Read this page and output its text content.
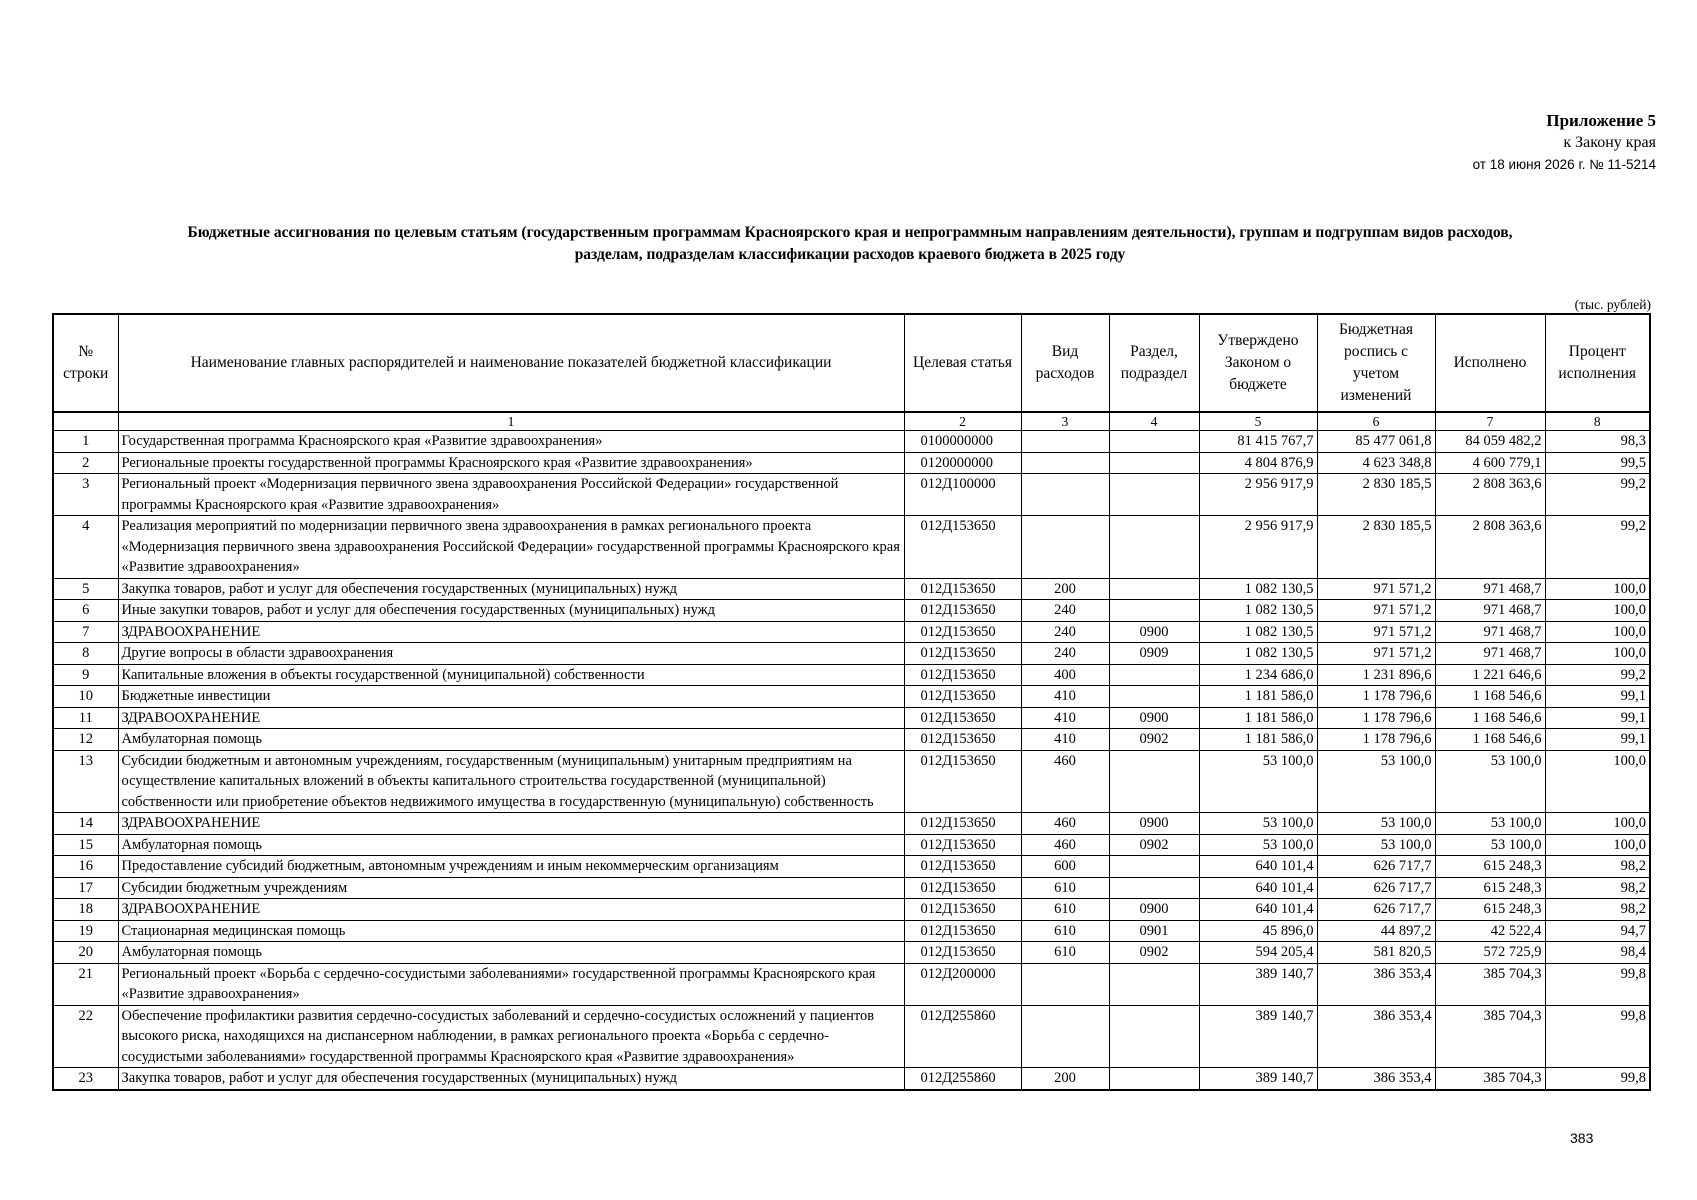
Приложение 5
к Закону края
от 18 июня 2026 г. № 11-5214
Бюджетные ассигнования по целевым статьям (государственным программам Красноярского края и непрограммным направлениям деятельности), группам и подгруппам видов расходов,
разделам, подразделам классификации расходов краевого бюджета в 2025 году
(тыс. рублей)
№ строки	Наименование главных распорядителей и наименование показателей бюджетной классификации	Целевая статья	Вид расходов	Раздел, подраздел	Утверждено Законом о бюджете	Бюджетная роспись с учетом изменений	Исполнено	Процент исполнения
	1	2	3	4	5	6	7	8
1	Государственная программа Красноярского края «Развитие здравоохранения»	0100000000			81 415 767,7	85 477 061,8	84 059 482,2	98,3
2	Региональные проекты государственной программы Красноярского края «Развитие здравоохранения»	0120000000			4 804 876,9	4 623 348,8	4 600 779,1	99,5
3	Региональный проект «Модернизация первичного звена здравоохранения Российской Федерации» государственной программы Красноярского края «Развитие здравоохранения»	012Д100000			2 956 917,9	2 830 185,5	2 808 363,6	99,2
4	Реализация мероприятий по модернизации первичного звена здравоохранения в рамках регионального проекта «Модернизация первичного звена здравоохранения Российской Федерации» государственной программы Красноярского края «Развитие здравоохранения»	012Д153650			2 956 917,9	2 830 185,5	2 808 363,6	99,2
5	Закупка товаров, работ и услуг для обеспечения государственных (муниципальных) нужд	012Д153650	200		1 082 130,5	971 571,2	971 468,7	100,0
6	Иные закупки товаров, работ и услуг для обеспечения государственных (муниципальных) нужд	012Д153650	240		1 082 130,5	971 571,2	971 468,7	100,0
7	ЗДРАВООХРАНЕНИЕ	012Д153650	240	0900	1 082 130,5	971 571,2	971 468,7	100,0
8	Другие вопросы в области здравоохранения	012Д153650	240	0909	1 082 130,5	971 571,2	971 468,7	100,0
9	Капитальные вложения в объекты государственной (муниципальной) собственности	012Д153650	400		1 234 686,0	1 231 896,6	1 221 646,6	99,2
10	Бюджетные инвестиции	012Д153650	410		1 181 586,0	1 178 796,6	1 168 546,6	99,1
11	ЗДРАВООХРАНЕНИЕ	012Д153650	410	0900	1 181 586,0	1 178 796,6	1 168 546,6	99,1
12	Амбулаторная помощь	012Д153650	410	0902	1 181 586,0	1 178 796,6	1 168 546,6	99,1
13	Субсидии бюджетным и автономным учреждениям, государственным (муниципальным) унитарным предприятиям на осуществление капитальных вложений в объекты капитального строительства государственной (муниципальной) собственности или приобретение объектов недвижимого имущества в государственную (муниципальную) собственность	012Д153650	460		53 100,0	53 100,0	53 100,0	100,0
14	ЗДРАВООХРАНЕНИЕ	012Д153650	460	0900	53 100,0	53 100,0	53 100,0	100,0
15	Амбулаторная помощь	012Д153650	460	0902	53 100,0	53 100,0	53 100,0	100,0
16	Предоставление субсидий бюджетным, автономным учреждениям и иным некоммерческим организациям	012Д153650	600		640 101,4	626 717,7	615 248,3	98,2
17	Субсидии бюджетным учреждениям	012Д153650	610		640 101,4	626 717,7	615 248,3	98,2
18	ЗДРАВООХРАНЕНИЕ	012Д153650	610	0900	640 101,4	626 717,7	615 248,3	98,2
19	Стационарная медицинская помощь	012Д153650	610	0901	45 896,0	44 897,2	42 522,4	94,7
20	Амбулаторная помощь	012Д153650	610	0902	594 205,4	581 820,5	572 725,9	98,4
21	Региональный проект «Борьба с сердечно-сосудистыми заболеваниями» государственной программы Красноярского края «Развитие здравоохранения»	012Д200000			389 140,7	386 353,4	385 704,3	99,8
22	Обеспечение профилактики развития сердечно-сосудистых заболеваний и сердечно-сосудистых осложнений у пациентов высокого риска, находящихся на диспансерном наблюдении, в рамках регионального проекта «Борьба с сердечно-сосудистыми заболеваниями» государственной программы Красноярского края «Развитие здравоохранения»	012Д255860			389 140,7	386 353,4	385 704,3	99,8
23	Закупка товаров, работ и услуг для обеспечения государственных (муниципальных) нужд	012Д255860	200		389 140,7	386 353,4	385 704,3	99,8
383
